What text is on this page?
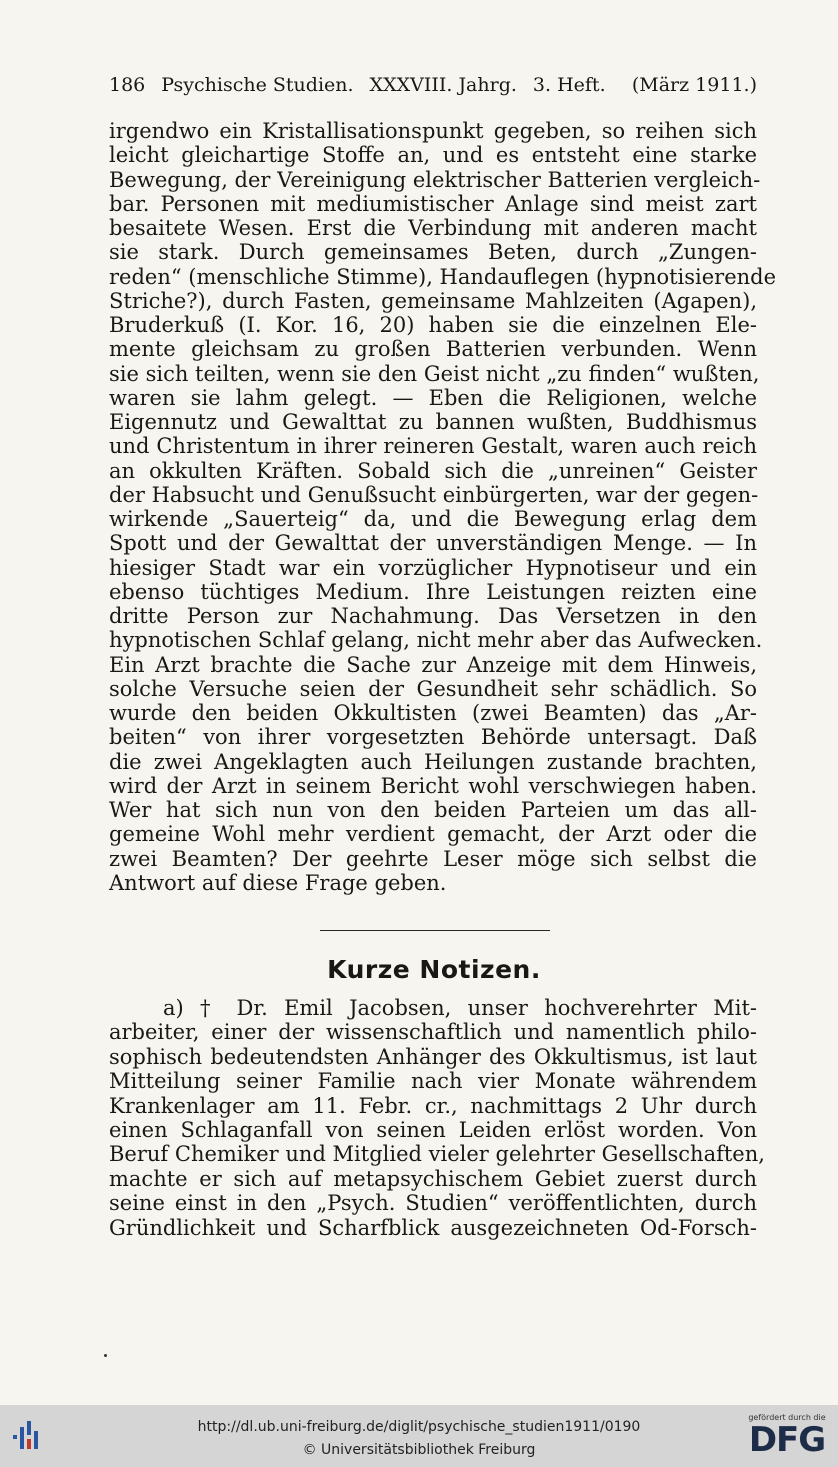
186 Psychische Studien. XXXVIII. Jahrg. 3. Heft. (März 1911.)
irgendwo ein Kristallisationspunkt gegeben, so reihen sich
leicht gleichartige Stoffe an, und es entsteht eine starke
Bewegung, der Vereinigung elektrischer Batterien vergleich-
bar. Personen mit mediumistischer Anlage sind meist zart
besaitete Wesen. Erst die Verbindung mit anderen macht
sie stark. Durch gemeinsames Beten, durch „Zungen-
reden“ (menschliche Stimme), Handauflegen (hypnotisierende
Striche?), durch Fasten, gemeinsame Mahlzeiten (Agapen),
Bruderkuß (I. Kor. 16, 20) haben sie die einzelnen Ele-
mente gleichsam zu großen Batterien verbunden. Wenn
sie sich teilten, wenn sie den Geist nicht „zu finden“ wußten,
waren sie lahm gelegt. — Eben die Religionen, welche
Eigennutz und Gewalttat zu bannen wußten, Buddhismus
und Christentum in ihrer reineren Gestalt, waren auch reich
an okkulten Kräften. Sobald sich die „unreinen“ Geister
der Habsucht und Genußsucht einbürgerten, war der gegen-
wirkende „Sauerteig“ da, und die Bewegung erlag dem
Spott und der Gewalttat der unverständigen Menge. — In
hiesiger Stadt war ein vorzüglicher Hypnotiseur und ein
ebenso tüchtiges Medium. Ihre Leistungen reizten eine
dritte Person zur Nachahmung. Das Versetzen in den
hypnotischen Schlaf gelang, nicht mehr aber das Aufwecken.
Ein Arzt brachte die Sache zur Anzeige mit dem Hinweis,
solche Versuche seien der Gesundheit sehr schädlich. So
wurde den beiden Okkultisten (zwei Beamten) das „Ar-
beiten“ von ihrer vorgesetzten Behörde untersagt. Daß
die zwei Angeklagten auch Heilungen zustande brachten,
wird der Arzt in seinem Bericht wohl verschwiegen haben.
Wer hat sich nun von den beiden Parteien um das all-
gemeine Wohl mehr verdient gemacht, der Arzt oder die
zwei Beamten? Der geehrte Leser möge sich selbst die
Antwort auf diese Frage geben.
Kurze Notizen.
a) † Dr. Emil Jacobsen, unser hochverehrter Mit-
arbeiter, einer der wissenschaftlich und namentlich philo-
sophisch bedeutendsten Anhänger des Okkultismus, ist laut
Mitteilung seiner Familie nach vier Monate währendem
Krankenlager am 11. Febr. cr., nachmittags 2 Uhr durch
einen Schlaganfall von seinen Leiden erlöst worden. Von
Beruf Chemiker und Mitglied vieler gelehrter Gesellschaften,
machte er sich auf metapsychischem Gebiet zuerst durch
seine einst in den „Psych. Studien“ veröffentlichten, durch
Gründlichkeit und Scharfblick ausgezeichneten Od-Forsch-
http://dl.ub.uni-freiburg.de/diglit/psychische_studien1911/0190
© Universitätsbibliothek Freiburg
gefördert durch die
DFG
